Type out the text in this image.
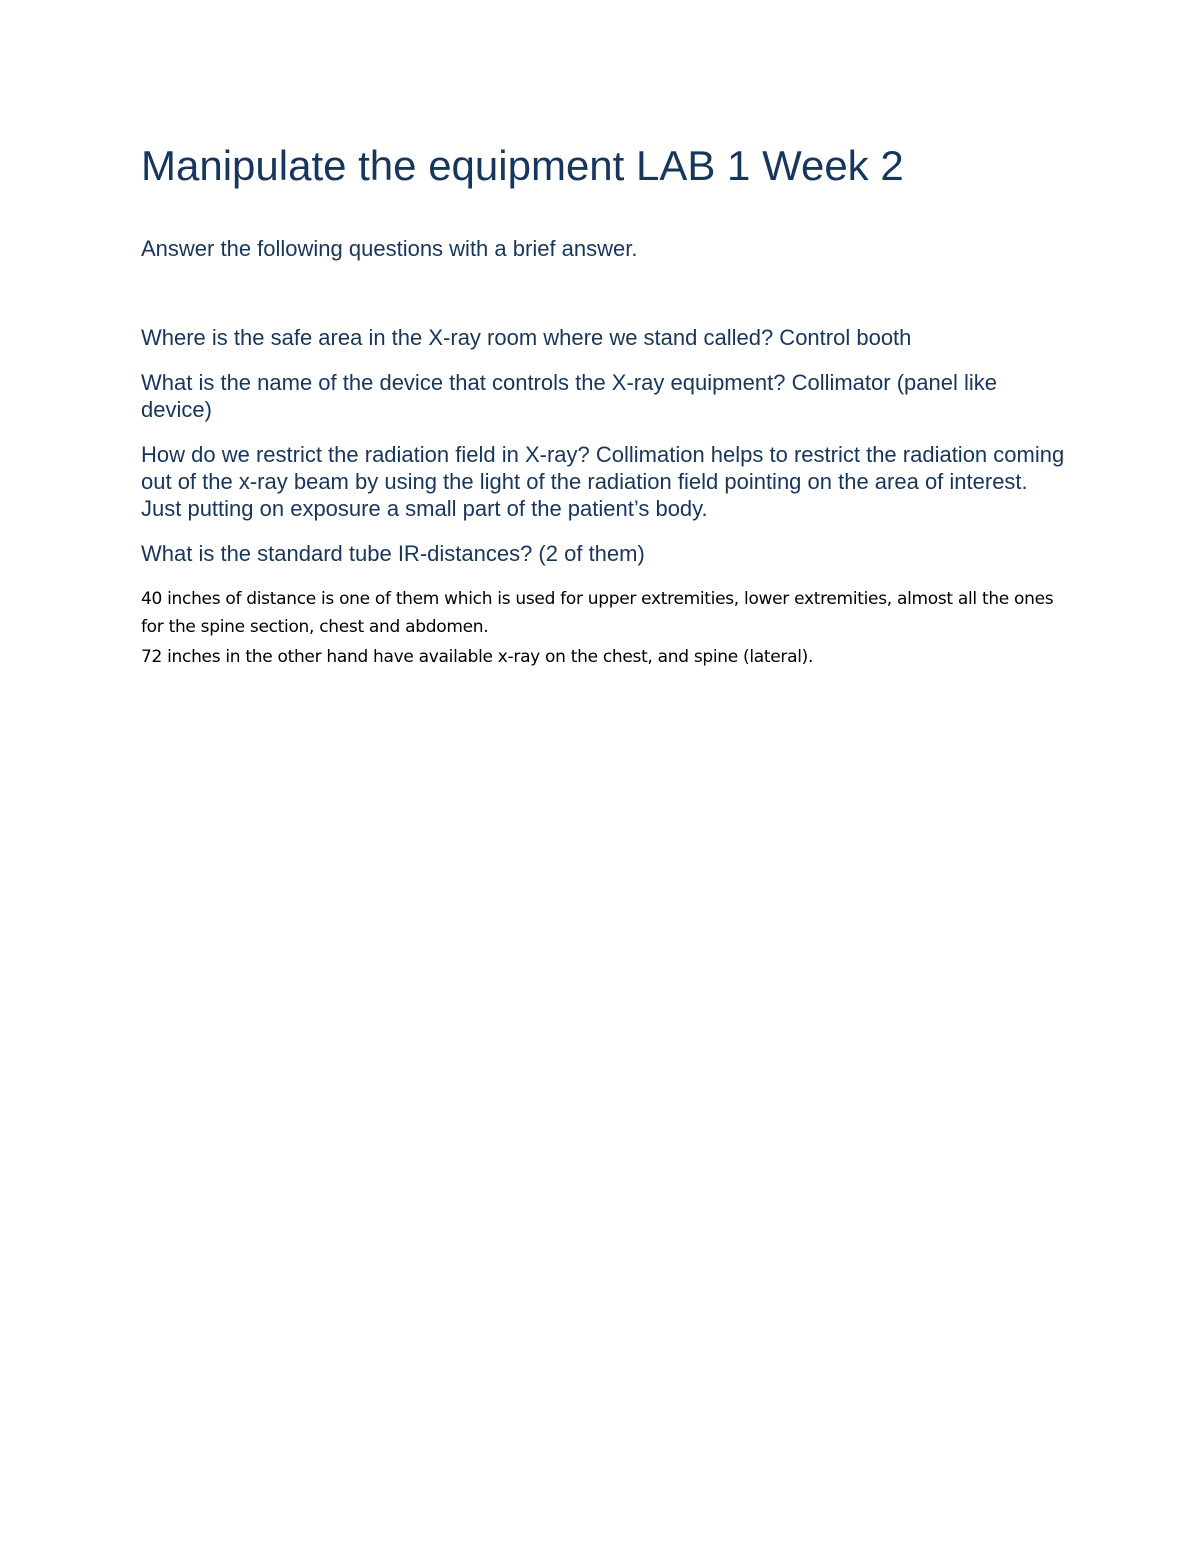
Manipulate the equipment LAB 1 Week 2

Answer the following questions with a brief answer.

Where is the safe area in the X-ray room where we stand called? Control booth

What is the name of the device that controls the X-ray equipment? Collimator (panel like device)

How do we restrict the radiation field in X-ray? Collimation helps to restrict the radiation coming out of the x-ray beam by using the light of the radiation field pointing on the area of interest. Just putting on exposure a small part of the patient’s body.

What is the standard tube IR-distances? (2 of them)

40 inches of distance is one of them which is used for upper extremities, lower extremities, almost all the ones for the spine section, chest and abdomen.

72 inches in the other hand have available x-ray on the chest, and spine (lateral).
